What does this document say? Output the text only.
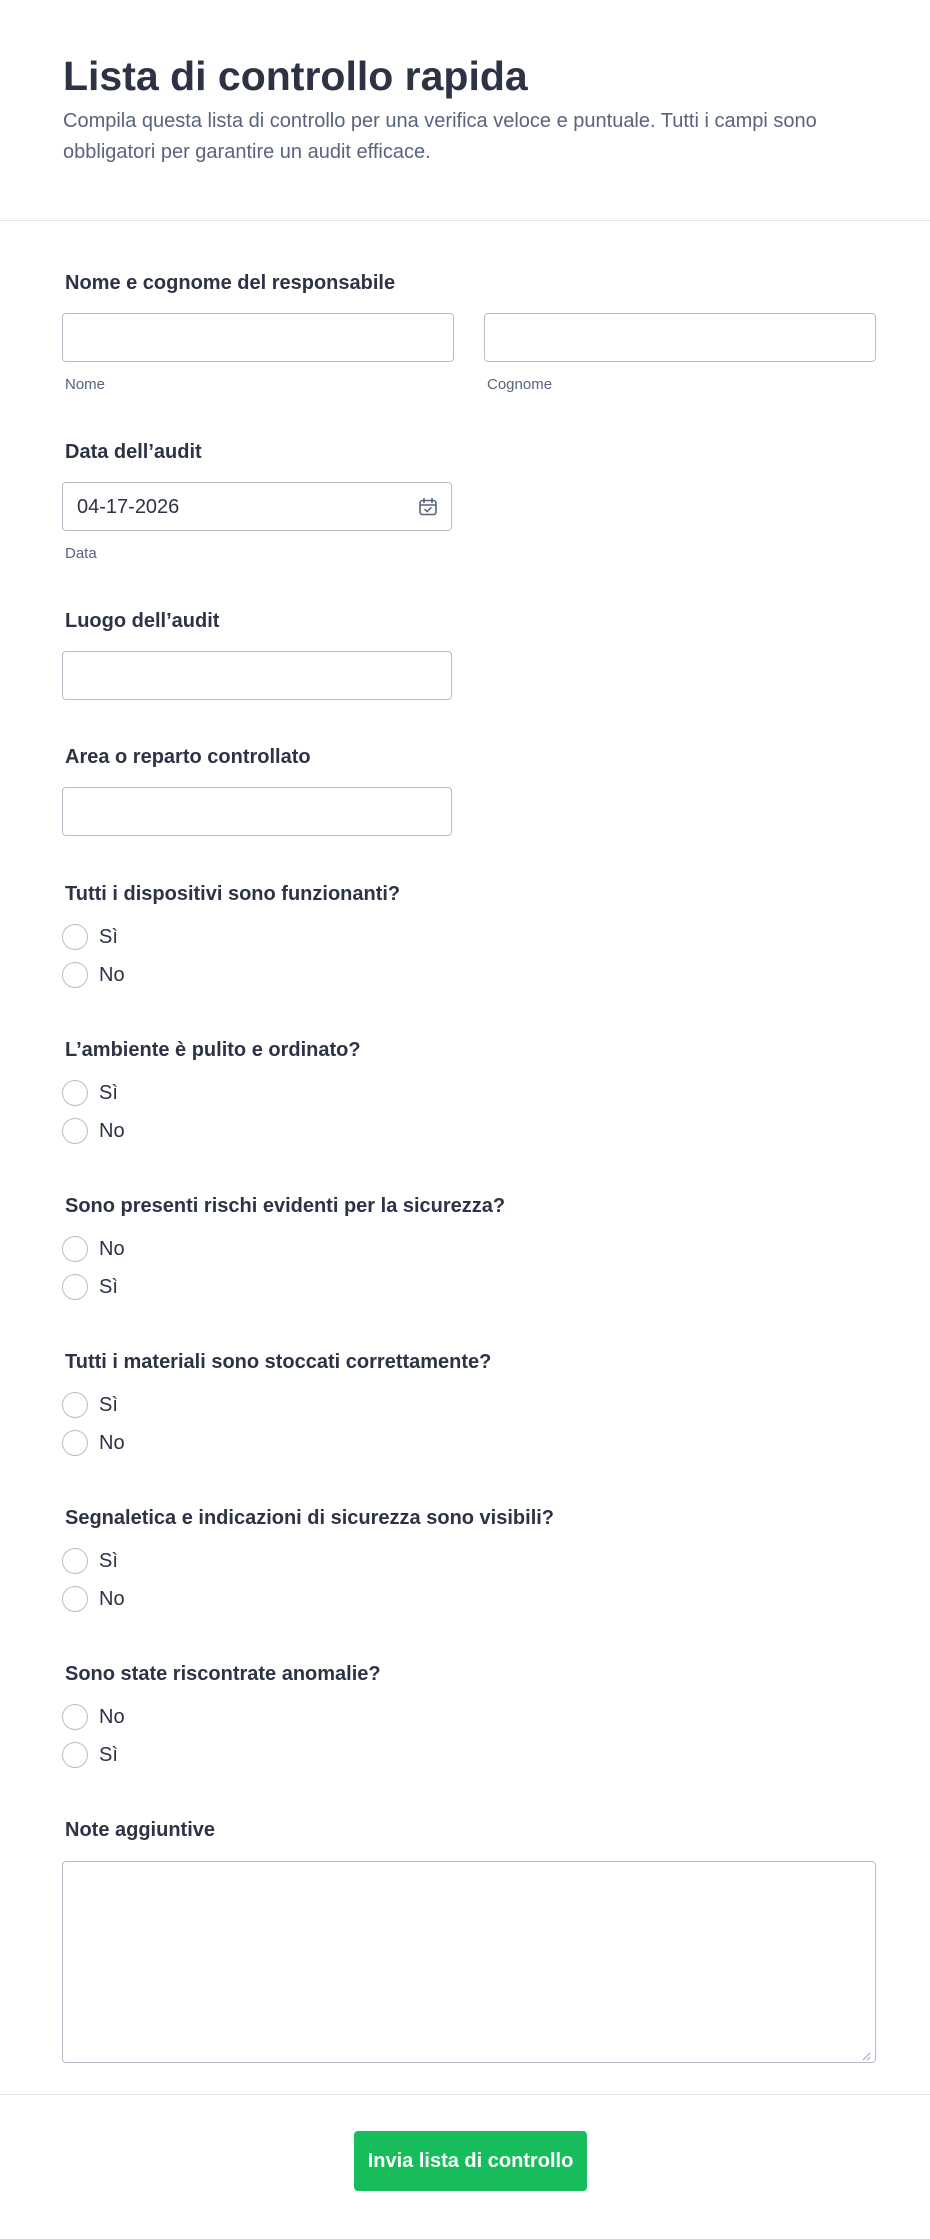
Lista di controllo rapida

Compila questa lista di controllo per una verifica veloce e puntuale. Tutti i campi sono obbligatori per garantire un audit efficace.

Nome e cognome del responsabile
Nome	Cognome
Data dell’audit
04-17-2026
Data
Luogo dell’audit
Area o reparto controllato
Tutti i dispositivi sono funzionanti?
Sì
No
L’ambiente è pulito e ordinato?
Sì
No
Sono presenti rischi evidenti per la sicurezza?
No
Sì
Tutti i materiali sono stoccati correttamente?
Sì
No
Segnaletica e indicazioni di sicurezza sono visibili?
Sì
No
Sono state riscontrate anomalie?
No
Sì
Note aggiuntive
Invia lista di controllo
